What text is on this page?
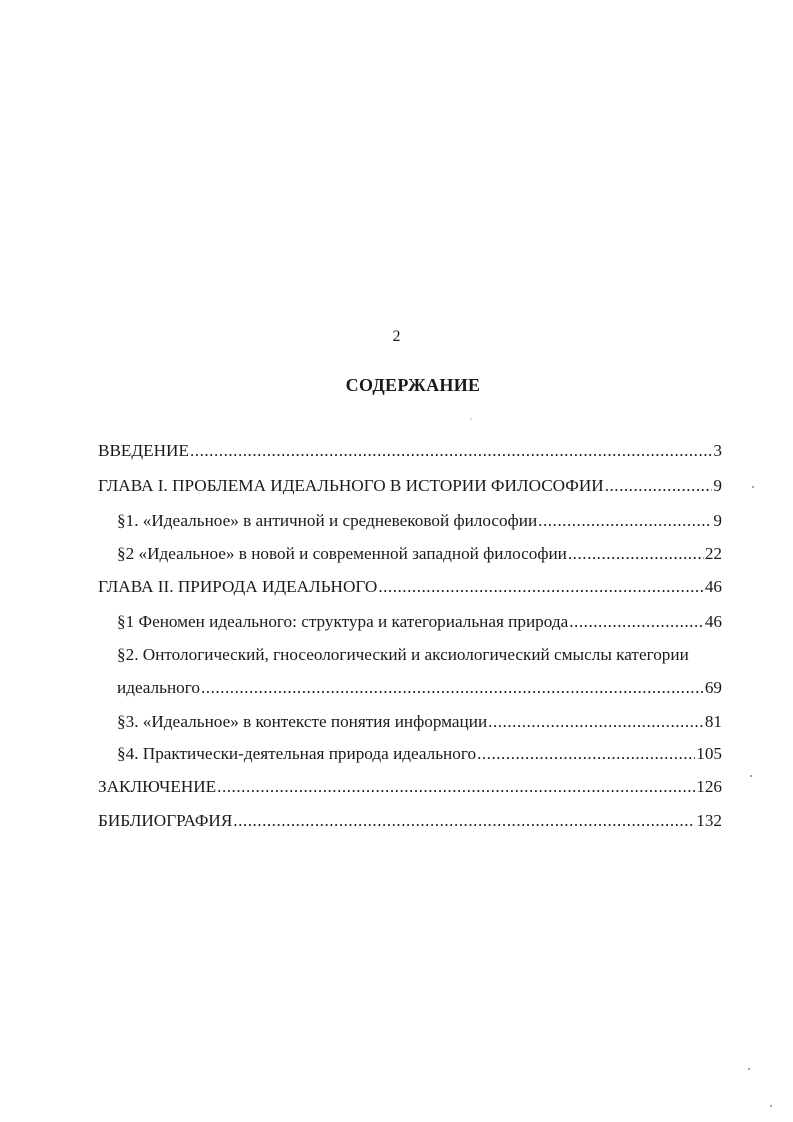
2
СОДЕРЖАНИЕ
ВВЕДЕНИЕ .....	3
ГЛАВА I. ПРОБЛЕМА ИДЕАЛЬНОГО В ИСТОРИИ ФИЛОСОФИИ .....	9
§1. «Идеальное» в античной и средневековой философии .....	9
§2 «Идеальное» в новой и современной западной философии .....	22
ГЛАВА II. ПРИРОДА ИДЕАЛЬНОГО .....	46
§1 Феномен идеального: структура и категориальная природа .....	46
§2. Онтологический, гносеологический и аксиологический смыслы категории
идеального .....	69
§3. «Идеальное» в контексте понятия информации .....	81
§4. Практически-деятельная природа идеального .....	105
ЗАКЛЮЧЕНИЕ .....	126
БИБЛИОГРАФИЯ .....	132
